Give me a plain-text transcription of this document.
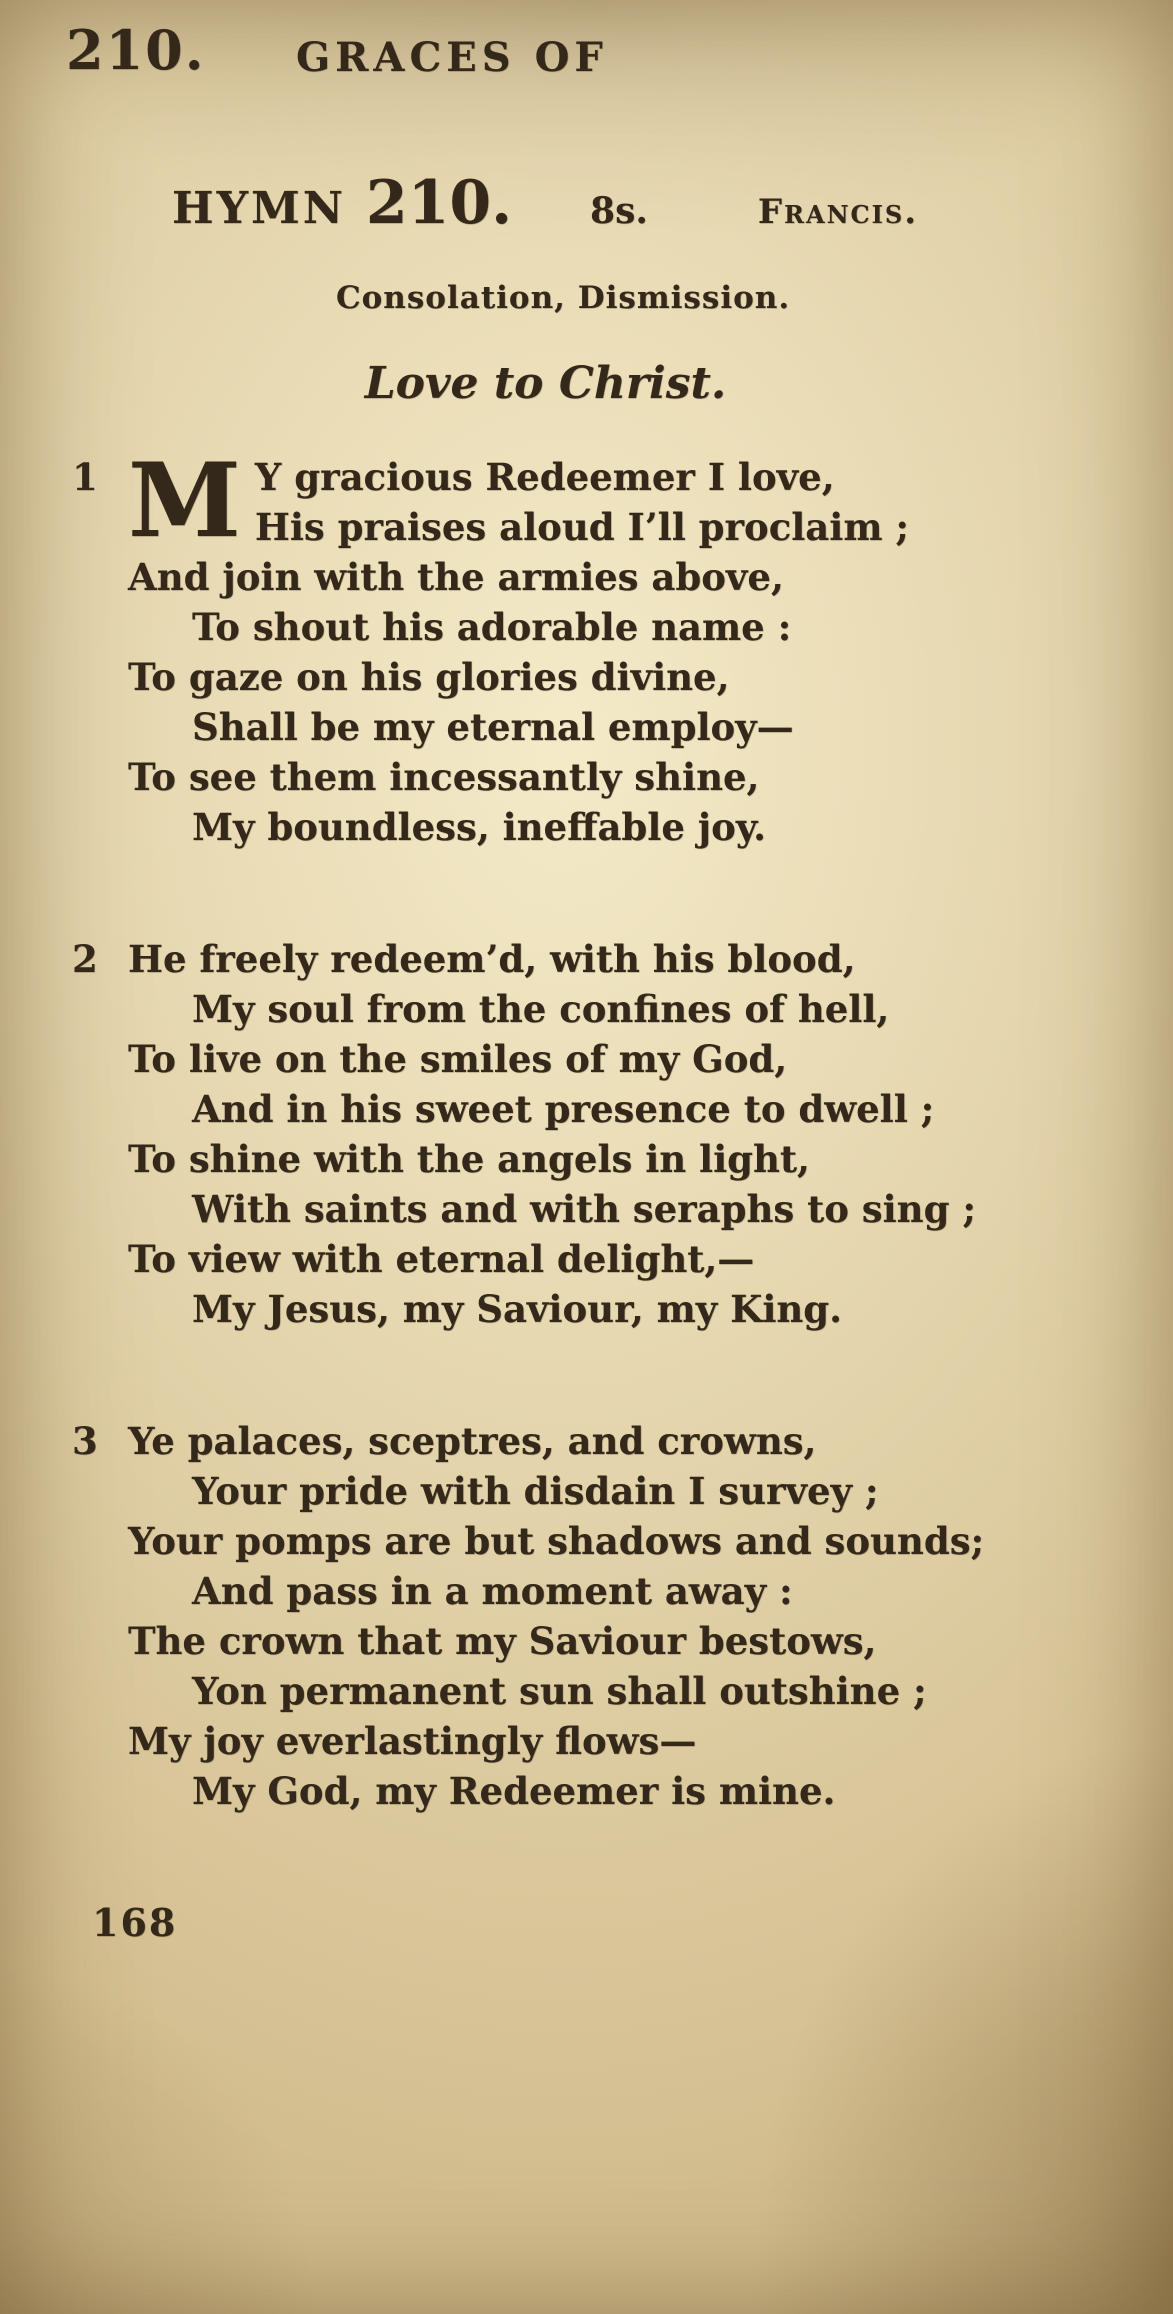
210. GRACES OF
HYMN 210. 8s.	Francis.
Consolation, Dismission.
Love to Christ.
1 M Y gracious Redeemer I love,
His praises aloud I’ll proclaim ;
And join with the armies above,
To shout his adorable name :
To gaze on his glories divine,
Shall be my eternal employ—
To see them incessantly shine,
My boundless, ineffable joy.
2 He freely redeem’d, with his blood,
My soul from the confines of hell,
To live on the smiles of my God,
And in his sweet presence to dwell ;
To shine with the angels in light,
With saints and with seraphs to sing ;
To view with eternal delight,—
My Jesus, my Saviour, my King.
3 Ye palaces, sceptres, and crowns,
Your pride with disdain I survey ;
Your pomps are but shadows and sounds;
And pass in a moment away :
The crown that my Saviour bestows,
Yon permanent sun shall outshine ;
My joy everlastingly flows—
My God, my Redeemer is mine.
168
